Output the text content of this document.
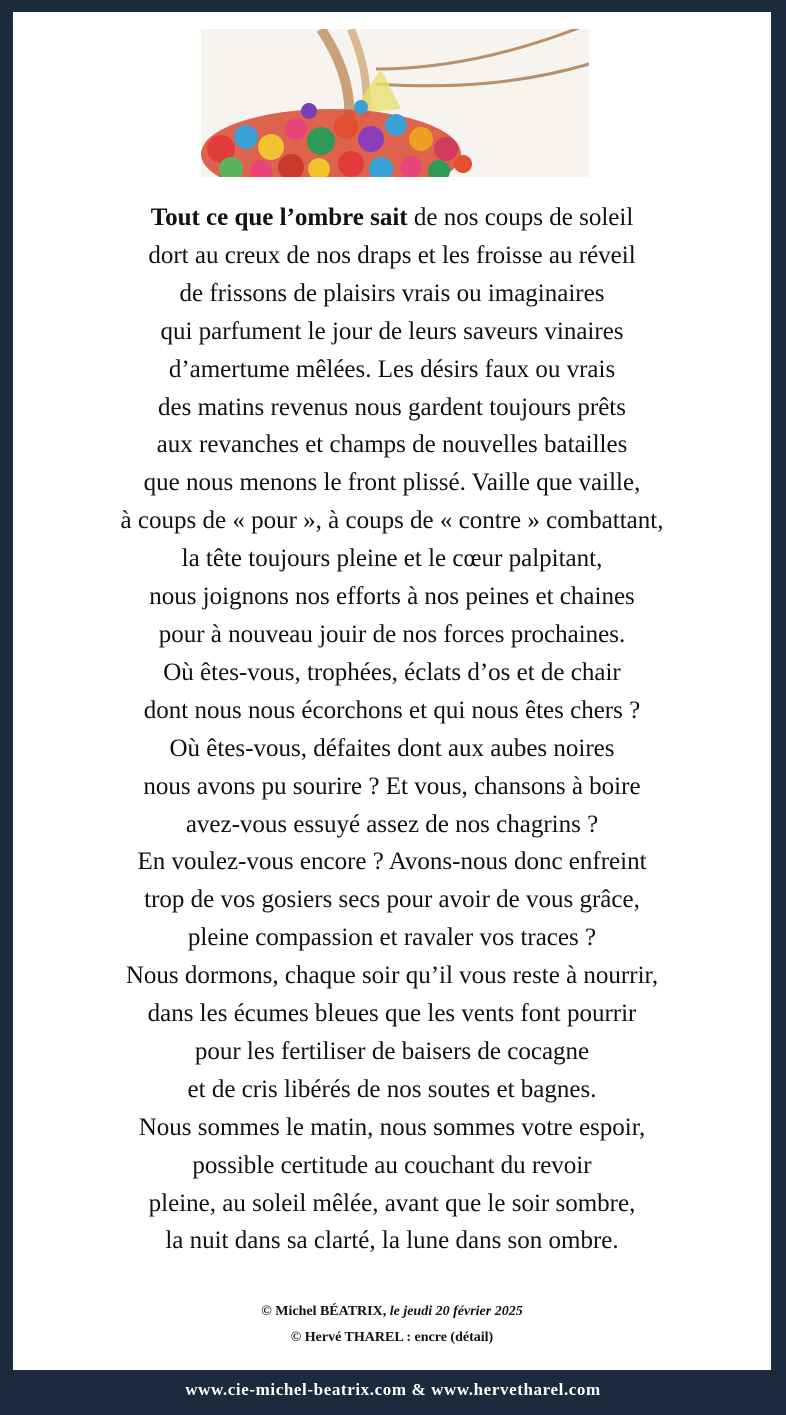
Tout ce que l’ombre sait de nos coups de soleil
dort au creux de nos draps et les froisse au réveil
de frissons de plaisirs vrais ou imaginaires
qui parfument le jour de leurs saveurs vinaires
d’amertume mêlées. Les désirs faux ou vrais
des matins revenus nous gardent toujours prêts
aux revanches et champs de nouvelles batailles
que nous menons le front plissé. Vaille que vaille,
à coups de « pour », à coups de « contre » combattant,
la tête toujours pleine et le cœur palpitant,
nous joignons nos efforts à nos peines et chaines
pour à nouveau jouir de nos forces prochaines.
Où êtes-vous, trophées, éclats d’os et de chair
dont nous nous écorchons et qui nous êtes chers ?
Où êtes-vous, défaites dont aux aubes noires
nous avons pu sourire ? Et vous, chansons à boire
avez-vous essuyé assez de nos chagrins ?
En voulez-vous encore ? Avons-nous donc enfreint
trop de vos gosiers secs pour avoir de vous grâce,
pleine compassion et ravaler vos traces ?
Nous dormons, chaque soir qu’il vous reste à nourrir,
dans les écumes bleues que les vents font pourrir
pour les fertiliser de baisers de cocagne
et de cris libérés de nos soutes et bagnes.
Nous sommes le matin, nous sommes votre espoir,
possible certitude au couchant du revoir
pleine, au soleil mêlée, avant que le soir sombre,
la nuit dans sa clarté, la lune dans son ombre.
© Michel BÉATRIX, le jeudi 20 février 2025
© Hervé THAREL : encre (détail)
www.cie-michel-beatrix.com & www.hervetharel.com
